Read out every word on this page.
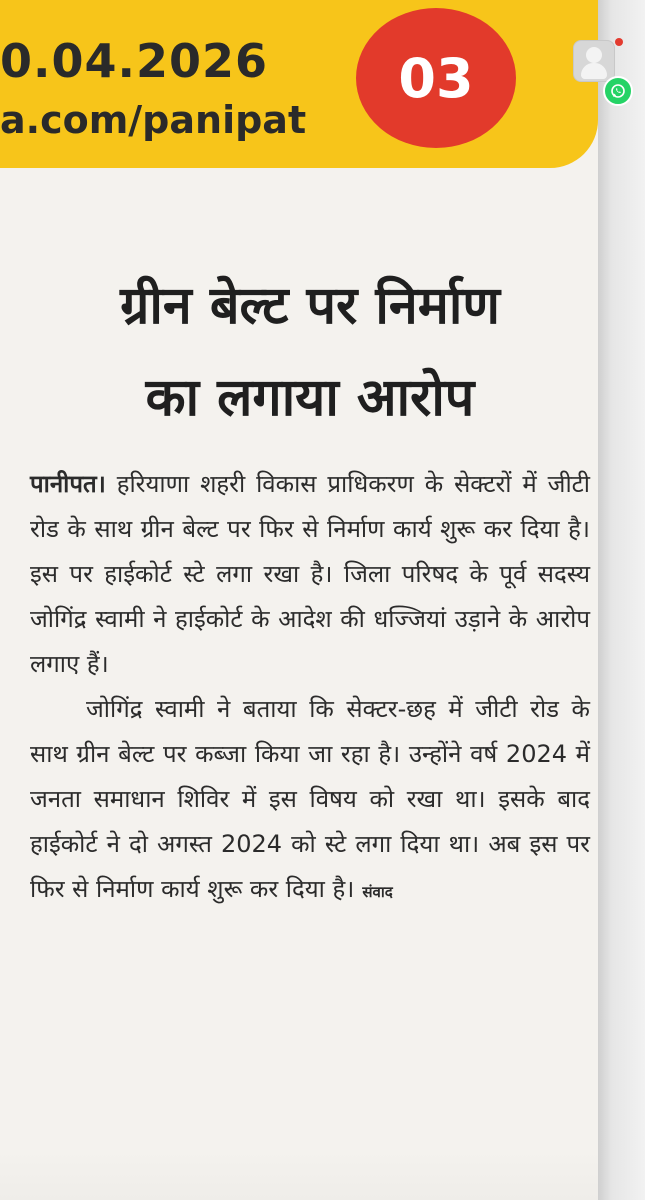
0.04.2026
a.com/panipat
03
ग्रीन बेल्ट पर निर्माण
का लगाया आरोप

पानीपत। हरियाणा शहरी विकास प्राधिकरण के सेक्टरों में जीटी रोड के साथ ग्रीन बेल्ट पर फिर से निर्माण कार्य शुरू कर दिया है। इस पर हाईकोर्ट स्टे लगा रखा है। जिला परिषद के पूर्व सदस्य जोगिंद्र स्वामी ने हाईकोर्ट के आदेश की धज्जियां उड़ाने के आरोप लगाए हैं।

जोगिंद्र स्वामी ने बताया कि सेक्टर-छह में जीटी रोड के साथ ग्रीन बेल्ट पर कब्जा किया जा रहा है। उन्होंने वर्ष 2024 में जनता समाधान शिविर में इस विषय को रखा था। इसके बाद हाईकोर्ट ने दो अगस्त 2024 को स्टे लगा दिया था। अब इस पर फिर से निर्माण कार्य शुरू कर दिया है। संवाद
